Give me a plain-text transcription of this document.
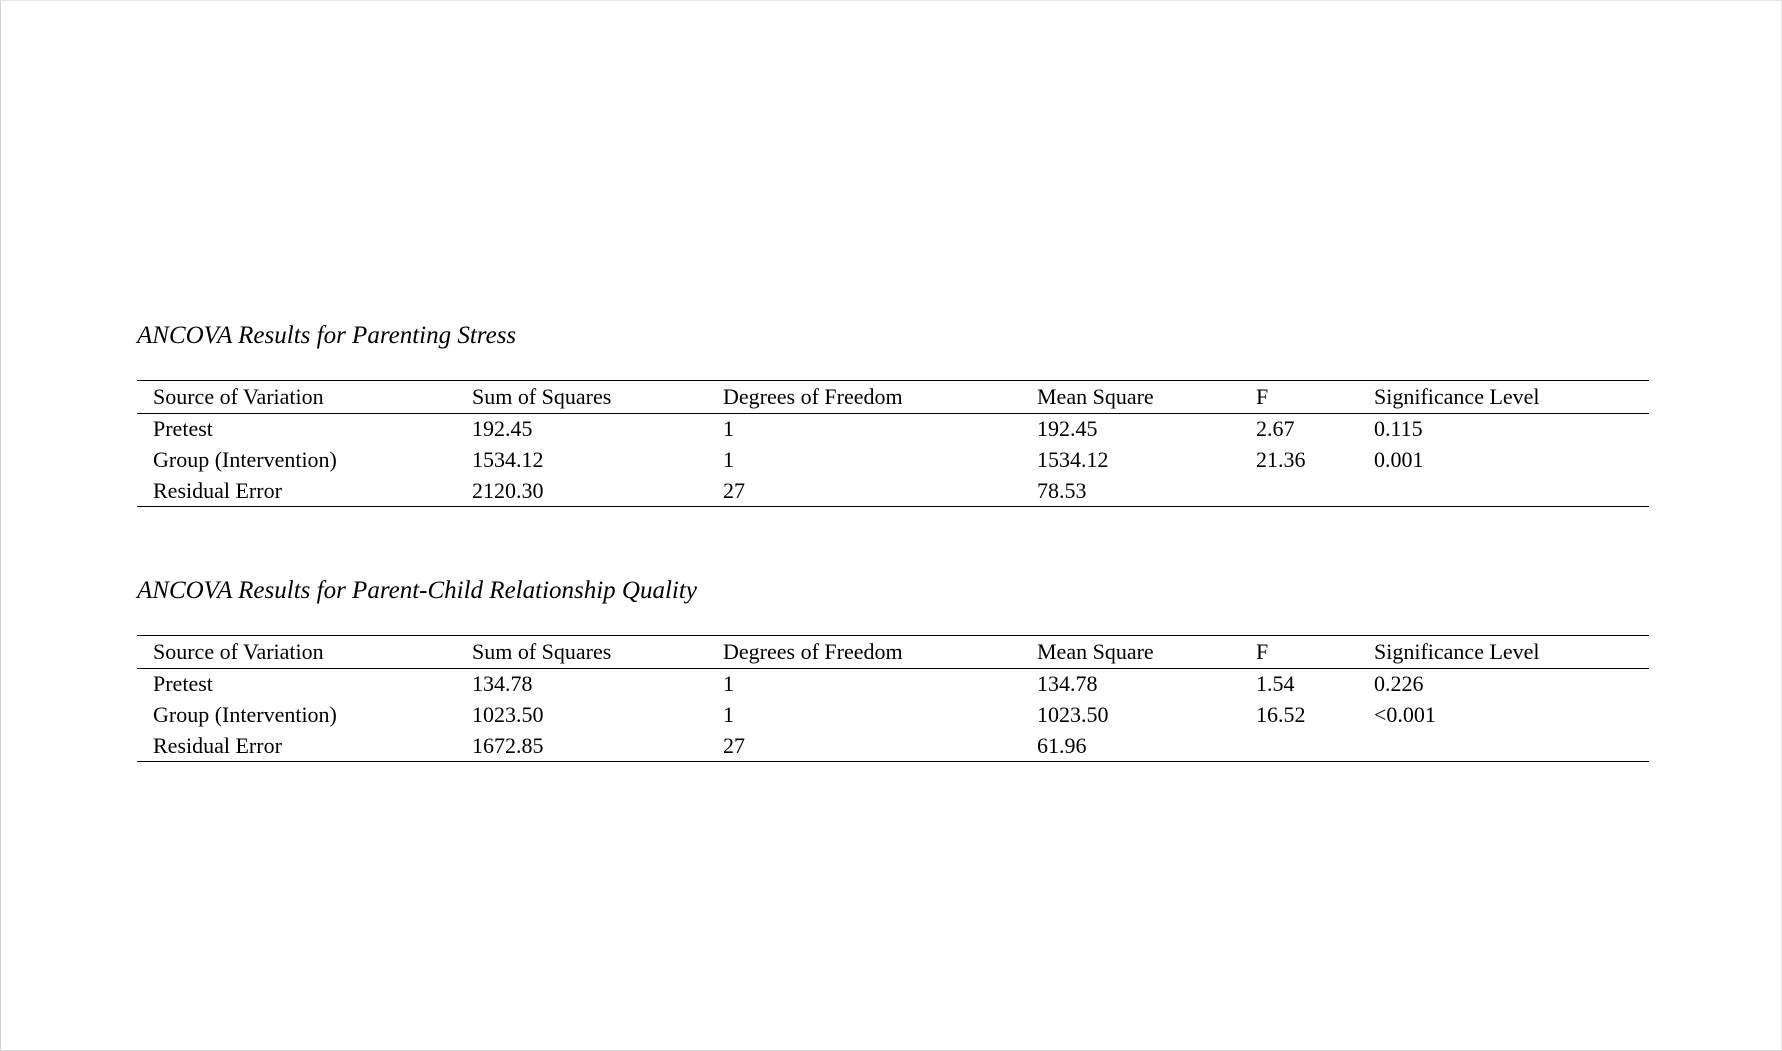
ANCOVA Results for Parenting Stress

Source of Variation	Sum of Squares	Degrees of Freedom	Mean Square	F	Significance Level
Pretest	192.45	1	192.45	2.67	0.115
Group (Intervention)	1534.12	1	1534.12	21.36	0.001
Residual Error	2120.30	27	78.53		

ANCOVA Results for Parent-Child Relationship Quality

Source of Variation	Sum of Squares	Degrees of Freedom	Mean Square	F	Significance Level
Pretest	134.78	1	134.78	1.54	0.226
Group (Intervention)	1023.50	1	1023.50	16.52	<0.001
Residual Error	1672.85	27	61.96		
